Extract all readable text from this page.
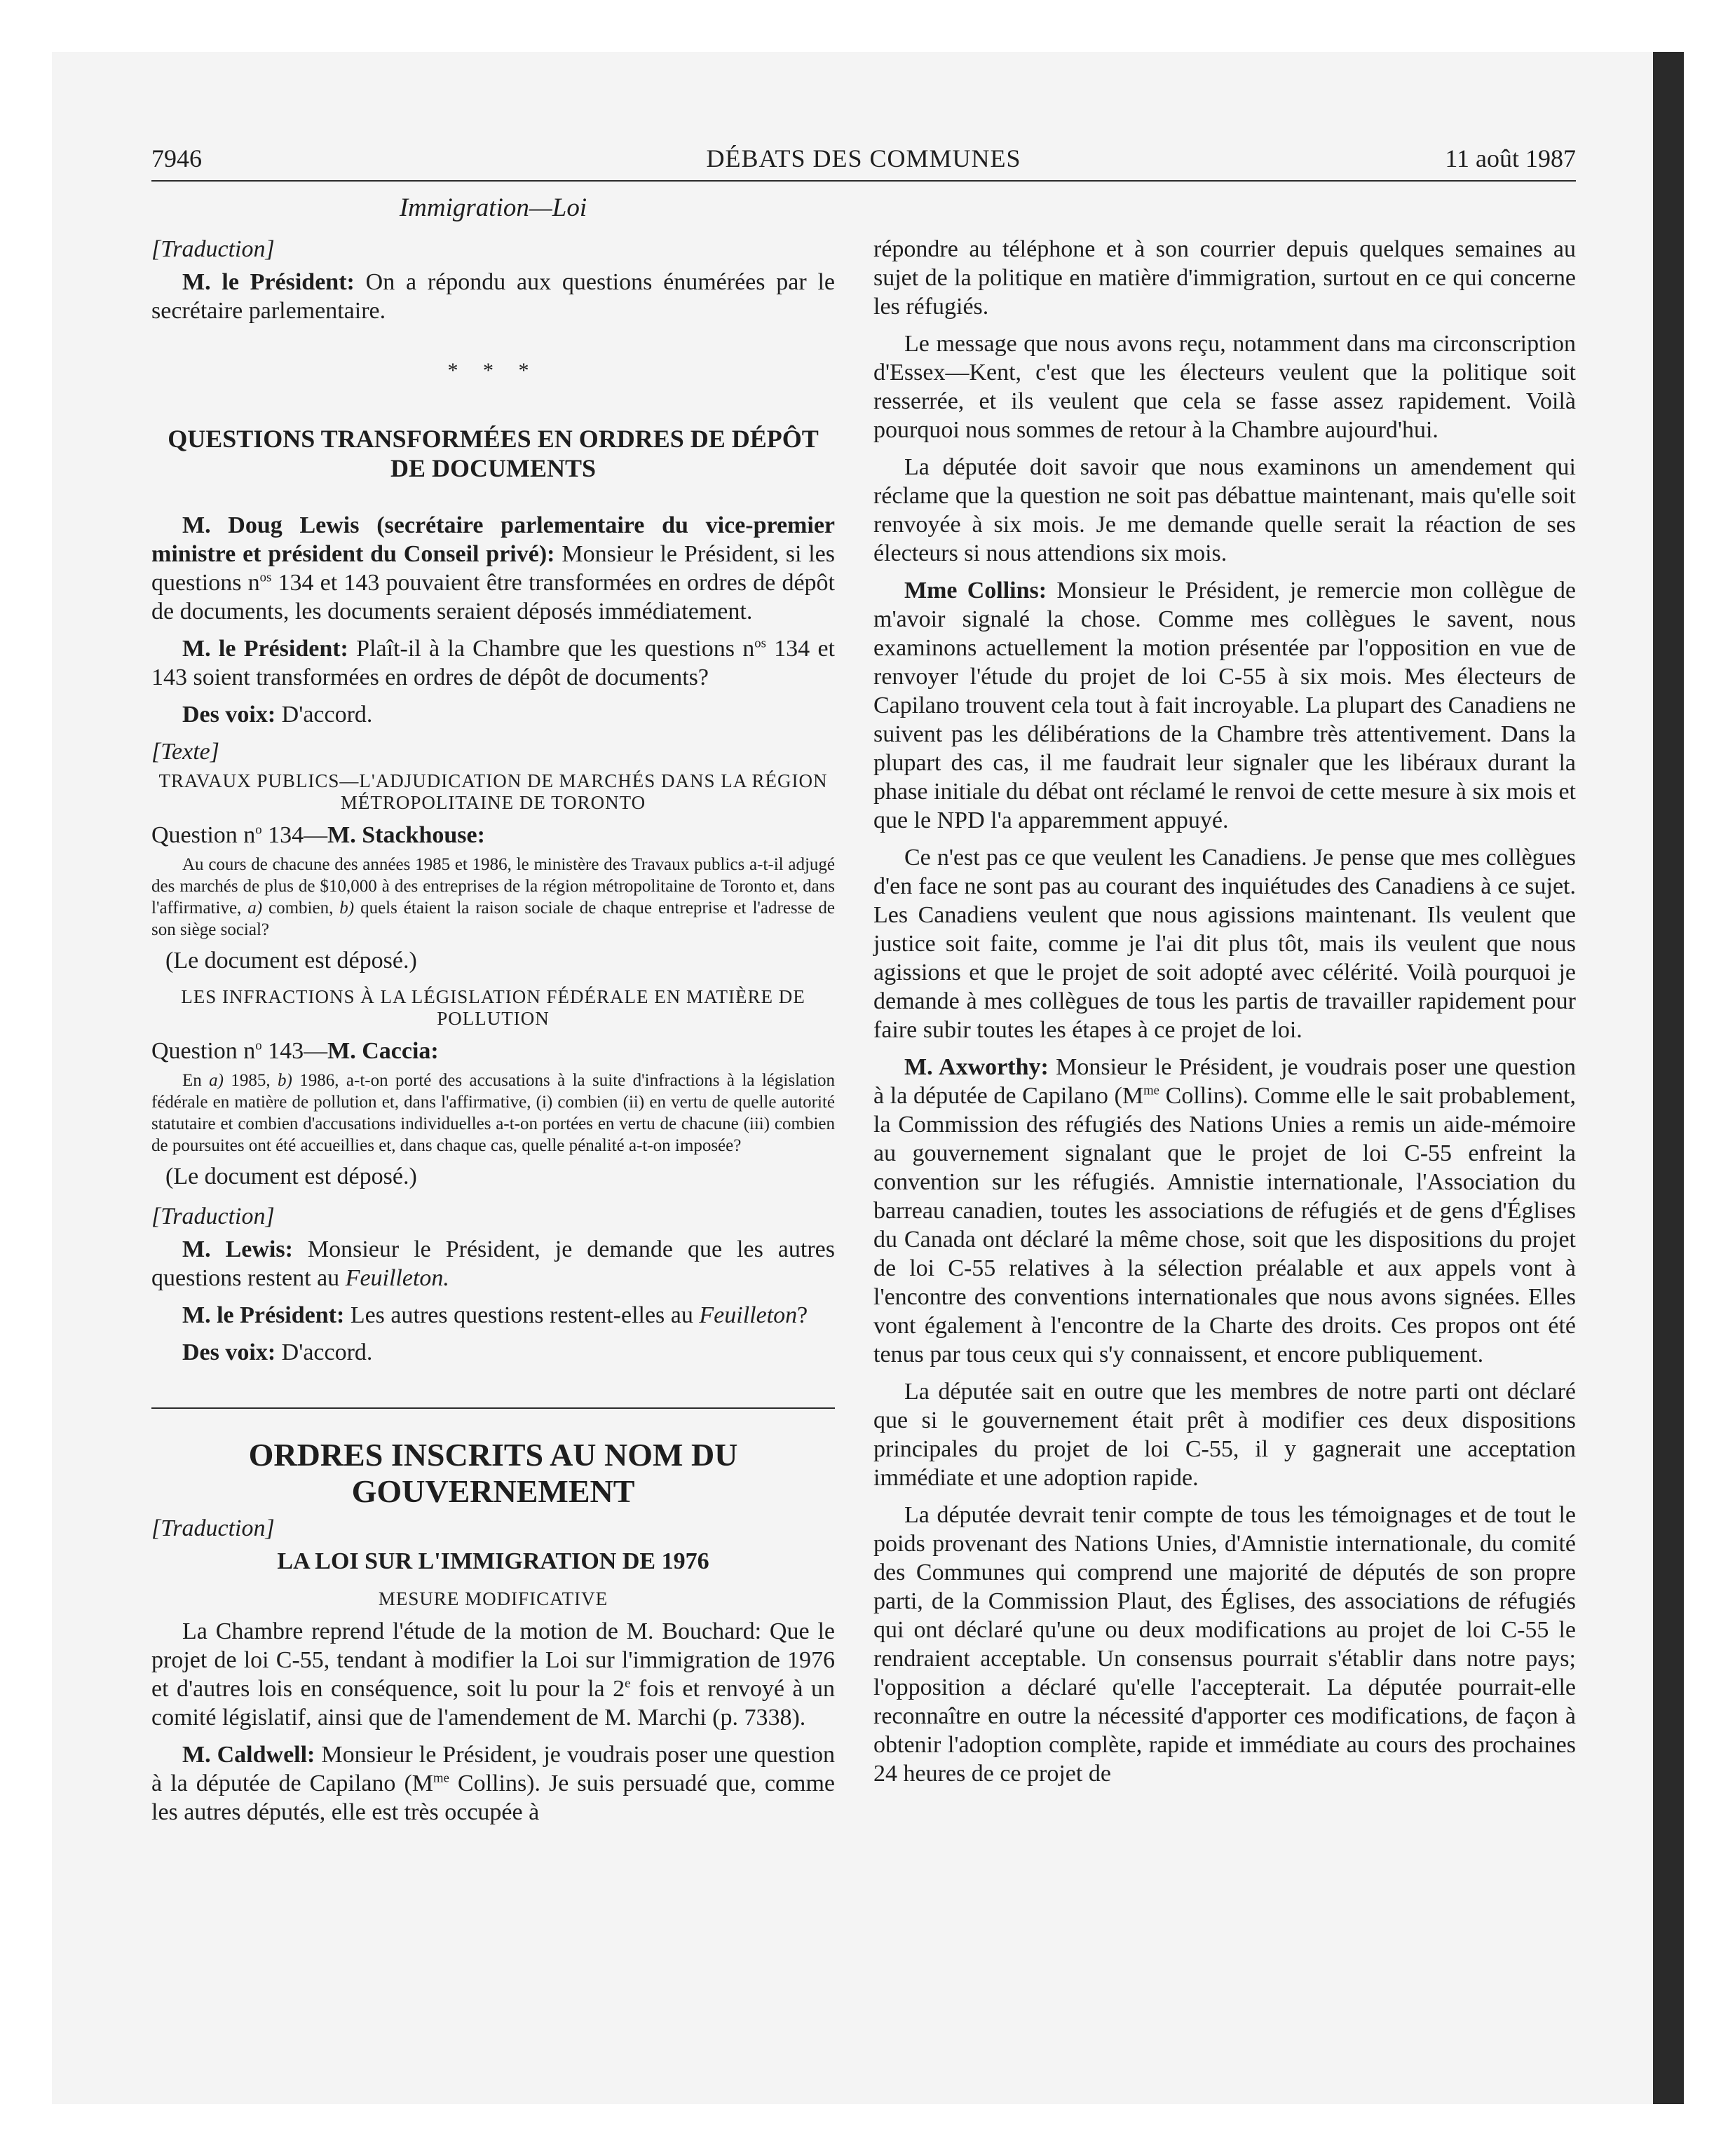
7946	DÉBATS DES COMMUNES	11 août 1987
Immigration—Loi
[Traduction]

M. le Président: On a répondu aux questions énumérées par le secrétaire parlementaire.

* * *
QUESTIONS TRANSFORMÉES EN ORDRES DE DÉPÔT DE DOCUMENTS

M. Doug Lewis (secrétaire parlementaire du vice-premier ministre et président du Conseil privé): Monsieur le Président, si les questions $n^{os}$ 134 et 143 pouvaient être transformées en ordres de dépôt de documents, les documents seraient déposés immédiatement.

M. le Président: Plaît-il à la Chambre que les questions $n^{os}$ 134 et 143 soient transformées en ordres de dépôt de documents?

Des voix: D'accord.

[Texte]
TRAVAUX PUBLICS—L'ADJUDICATION DE MARCHÉS DANS LA RÉGION MÉTROPOLITAINE DE TORONTO
Question $n^o$ 134—M. Stackhouse:
Au cours de chacune des années 1985 et 1986, le ministère des Travaux publics a-t-il adjugé des marchés de plus de $10,000 à des entreprises de la région métropolitaine de Toronto et, dans l'affirmative, a) combien, b) quels étaient la raison sociale de chaque entreprise et l'adresse de son siège social?
(Le document est déposé.)
LES INFRACTIONS À LA LÉGISLATION FÉDÉRALE EN MATIÈRE DE POLLUTION
Question $n^o$ 143—M. Caccia:
En a) 1985, b) 1986, a-t-on porté des accusations à la suite d'infractions à la législation fédérale en matière de pollution et, dans l'affirmative, (i) combien (ii) en vertu de quelle autorité statutaire et combien d'accusations individuelles a-t-on portées en vertu de chacune (iii) combien de poursuites ont été accueillies et, dans chaque cas, quelle pénalité a-t-on imposée?
(Le document est déposé.)
[Traduction]

M. Lewis: Monsieur le Président, je demande que les autres questions restent au Feuilleton.

M. le Président: Les autres questions restent-elles au Feuilleton?

Des voix: D'accord.

ORDRES INSCRITS AU NOM DU GOUVERNEMENT
[Traduction]
LA LOI SUR L'IMMIGRATION DE 1976
MESURE MODIFICATIVE

La Chambre reprend l'étude de la motion de M. Bouchard: Que le projet de loi C-55, tendant à modifier la Loi sur l'immigration de 1976 et d'autres lois en conséquence, soit lu pour la 2e fois et renvoyé à un comité législatif, ainsi que de l'amendement de M. Marchi (p. 7338).

M. Caldwell: Monsieur le Président, je voudrais poser une question à la députée de Capilano ($M^{me}$ Collins). Je suis persuadé que, comme les autres députés, elle est très occupée à

répondre au téléphone et à son courrier depuis quelques semaines au sujet de la politique en matière d'immigration, surtout en ce qui concerne les réfugiés.

Le message que nous avons reçu, notamment dans ma circonscription d'Essex—Kent, c'est que les électeurs veulent que la politique soit resserrée, et ils veulent que cela se fasse assez rapidement. Voilà pourquoi nous sommes de retour à la Chambre aujourd'hui.

La députée doit savoir que nous examinons un amendement qui réclame que la question ne soit pas débattue maintenant, mais qu'elle soit renvoyée à six mois. Je me demande quelle serait la réaction de ses électeurs si nous attendions six mois.

Mme Collins: Monsieur le Président, je remercie mon collègue de m'avoir signalé la chose. Comme mes collègues le savent, nous examinons actuellement la motion présentée par l'opposition en vue de renvoyer l'étude du projet de loi C-55 à six mois. Mes électeurs de Capilano trouvent cela tout à fait incroyable. La plupart des Canadiens ne suivent pas les délibérations de la Chambre très attentivement. Dans la plupart des cas, il me faudrait leur signaler que les libéraux durant la phase initiale du débat ont réclamé le renvoi de cette mesure à six mois et que le NPD l'a apparemment appuyé.

Ce n'est pas ce que veulent les Canadiens. Je pense que mes collègues d'en face ne sont pas au courant des inquiétudes des Canadiens à ce sujet. Les Canadiens veulent que nous agissions maintenant. Ils veulent que justice soit faite, comme je l'ai dit plus tôt, mais ils veulent que nous agissions et que le projet de soit adopté avec célérité. Voilà pourquoi je demande à mes collègues de tous les partis de travailler rapidement pour faire subir toutes les étapes à ce projet de loi.

M. Axworthy: Monsieur le Président, je voudrais poser une question à la députée de Capilano ($M^{me}$ Collins). Comme elle le sait probablement, la Commission des réfugiés des Nations Unies a remis un aide-mémoire au gouvernement signalant que le projet de loi C-55 enfreint la convention sur les réfugiés. Amnistie internationale, l'Association du barreau canadien, toutes les associations de réfugiés et de gens d'Églises du Canada ont déclaré la même chose, soit que les dispositions du projet de loi C-55 relatives à la sélection préalable et aux appels vont à l'encontre des conventions internationales que nous avons signées. Elles vont également à l'encontre de la Charte des droits. Ces propos ont été tenus par tous ceux qui s'y connaissent, et encore publiquement.

La députée sait en outre que les membres de notre parti ont déclaré que si le gouvernement était prêt à modifier ces deux dispositions principales du projet de loi C-55, il y gagnerait une acceptation immédiate et une adoption rapide.

La députée devrait tenir compte de tous les témoignages et de tout le poids provenant des Nations Unies, d'Amnistie internationale, du comité des Communes qui comprend une majorité de députés de son propre parti, de la Commission Plaut, des Églises, des associations de réfugiés qui ont déclaré qu'une ou deux modifications au projet de loi C-55 le rendraient acceptable. Un consensus pourrait s'établir dans notre pays; l'opposition a déclaré qu'elle l'accepterait. La députée pourrait-elle reconnaître en outre la nécessité d'apporter ces modifications, de façon à obtenir l'adoption complète, rapide et immédiate au cours des prochaines 24 heures de ce projet de
